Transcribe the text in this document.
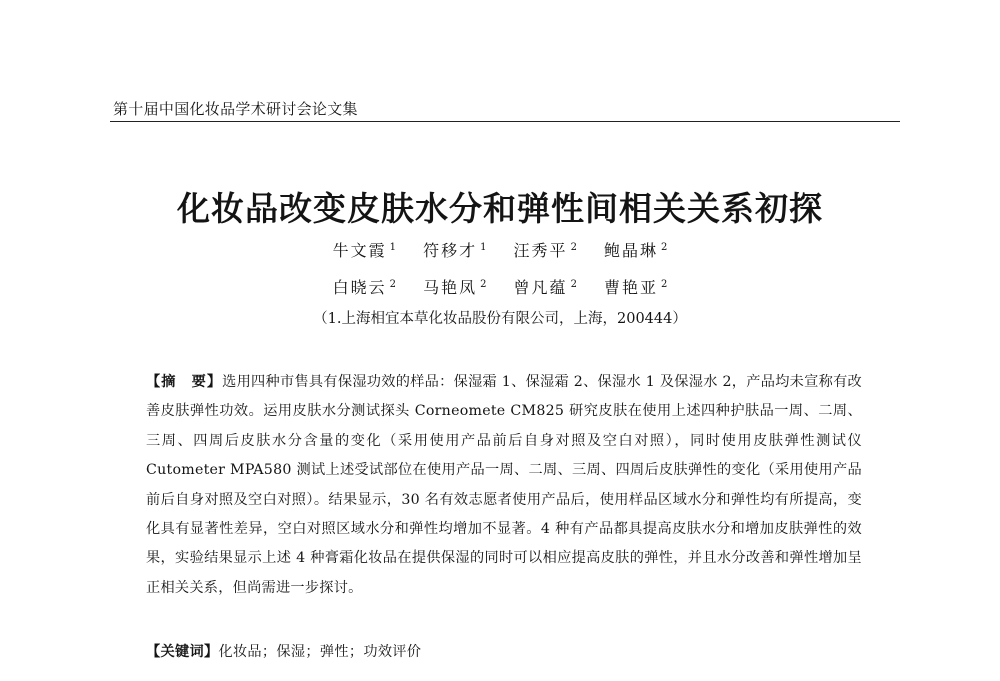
第十届中国化妆品学术研讨会论文集
化妆品改变皮肤水分和弹性间相关关系初探
牛文霞 $^1$ 符移才 $^1$ 汪秀平 $^2$ 鲍晶琳 $^2$
白晓云 $^2$ 马艳凤 $^2$ 曾凡蕴 $^2$ 曹艳亚 $^2$
（1.上海相宜本草化妆品股份有限公司，上海，200444）
【摘　要】选用四种市售具有保湿功效的样品：保湿霜 1、保湿霜 2、保湿水 1 及保湿水 2，产品均未宣称有改善皮肤弹性功效。运用皮肤水分测试探头 Corneomete CM825 研究皮肤在使用上述四种护肤品一周、二周、三周、四周后皮肤水分含量的变化（采用使用产品前后自身对照及空白对照），同时使用皮肤弹性测试仪 Cutometer MPA580 测试上述受试部位在使用产品一周、二周、三周、四周后皮肤弹性的变化（采用使用产品前后自身对照及空白对照）。结果显示，30 名有效志愿者使用产品后，使用样品区域水分和弹性均有所提高，变化具有显著性差异，空白对照区域水分和弹性均增加不显著。4 种有产品都具提高皮肤水分和增加皮肤弹性的效果，实验结果显示上述 4 种膏霜化妆品在提供保湿的同时可以相应提高皮肤的弹性，并且水分改善和弹性增加呈正相关关系，但尚需进一步探讨。
【关键词】化妆品；保湿；弹性；功效评价
